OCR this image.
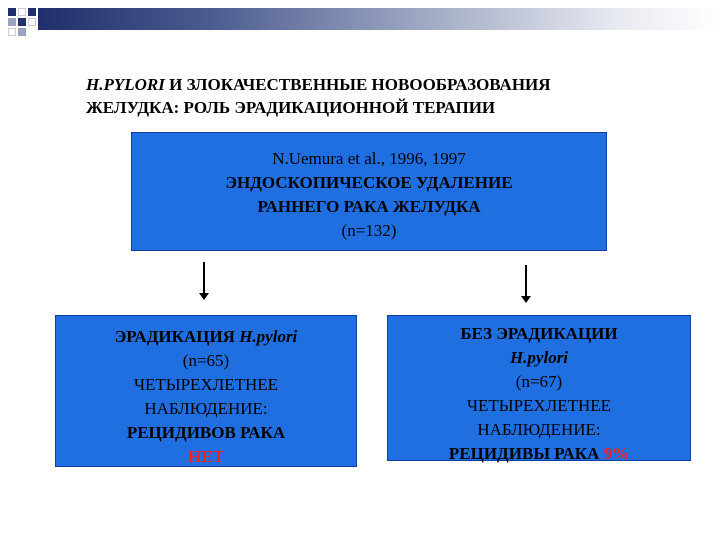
H.PYLORI И ЗЛОКАЧЕСТВЕННЫЕ НОВООБРАЗОВАНИЯ
ЖЕЛУДКА: РОЛЬ ЭРАДИКАЦИОННОЙ ТЕРАПИИ
N.Uemura et al., 1996, 1997
ЭНДОСКОПИЧЕСКОЕ УДАЛЕНИЕ
РАННЕГО РАКА ЖЕЛУДКА
(n=132)
ЭРАДИКАЦИЯ H.pylori
(n=65)
ЧЕТЫРЕХЛЕТНЕЕ
НАБЛЮДЕНИЕ:
РЕЦИДИВОВ РАКА
НЕТ
БЕЗ ЭРАДИКАЦИИ
H.pylori
(n=67)
ЧЕТЫРЕХЛЕТНЕЕ
НАБЛЮДЕНИЕ:
РЕЦИДИВЫ РАКА 9%
